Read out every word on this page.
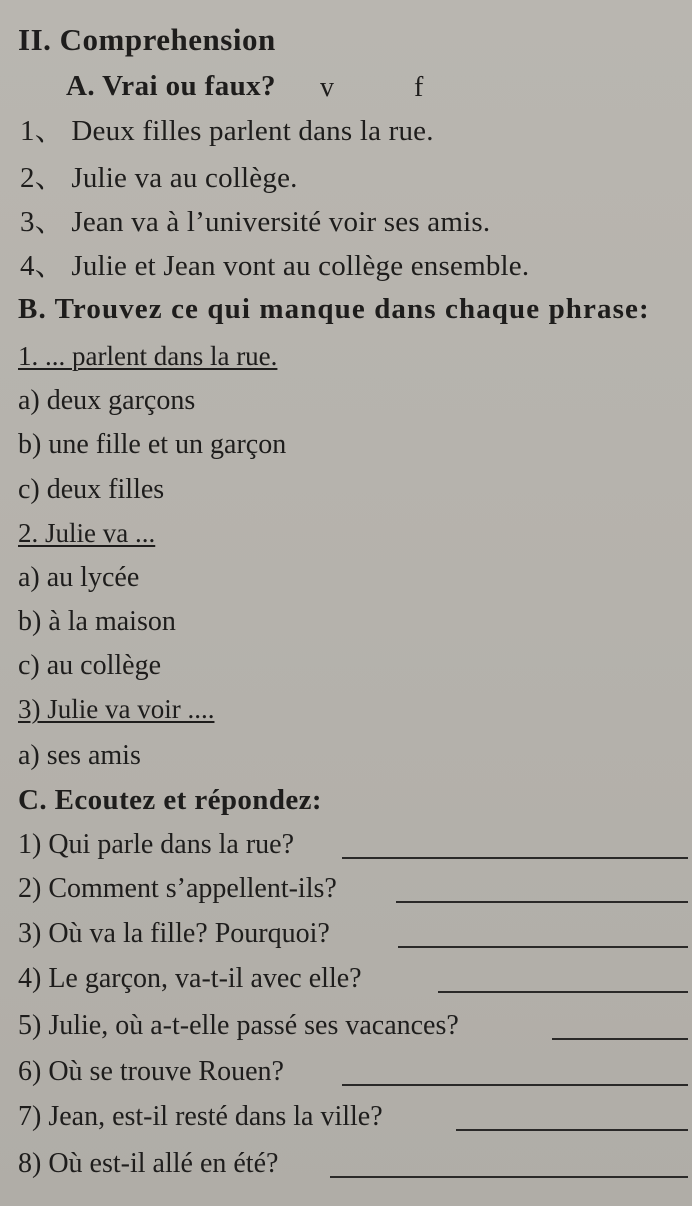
II. Comprehension
A. Vrai ou faux? v	f
1、 Deux filles parlent dans la rue.
2、 Julie va au collège.
3、 Jean va à l’université voir ses amis.
4、 Julie et Jean vont au collège ensemble.
B. Trouvez ce qui manque dans chaque phrase:
1. ... parlent dans la rue.
a) deux garçons
b) une fille et un garçon
c) deux filles
2. Julie va ...
a) au lycée
b) à la maison
c) au collège
3) Julie va voir ....
a) ses amis
C. Ecoutez et répondez:
1) Qui parle dans la rue?
2) Comment s’appellent-ils?
3) Où va la fille? Pourquoi?
4) Le garçon, va-t-il avec elle?
5) Julie, où a-t-elle passé ses vacances?
6) Où se trouve Rouen?
7) Jean, est-il resté dans la ville?
8) Où est-il allé en été?
